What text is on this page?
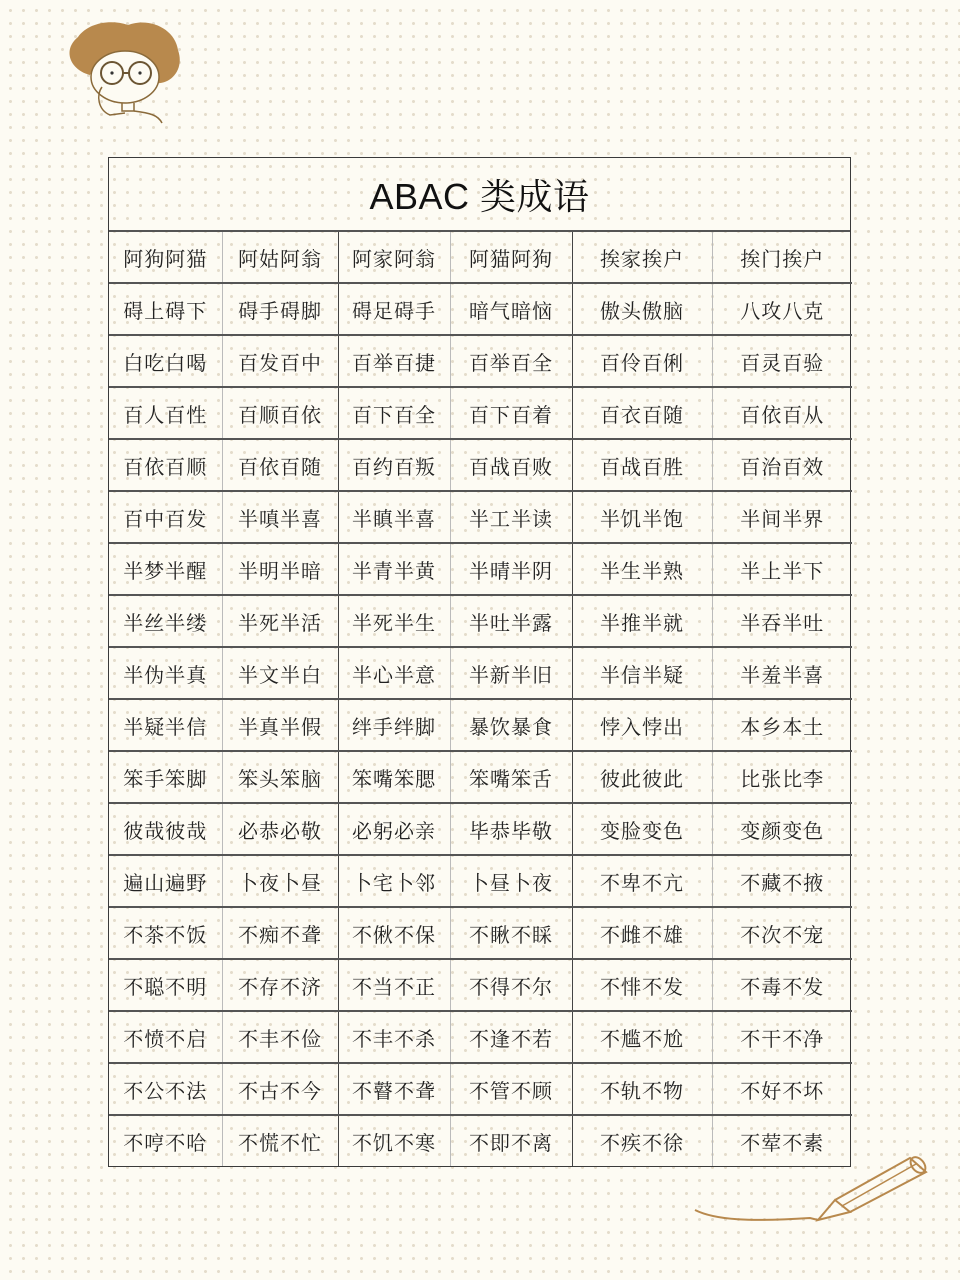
ABAC 类成语
阿狗阿猫	阿姑阿翁	阿家阿翁	阿猫阿狗	挨家挨户	挨门挨户
碍上碍下	碍手碍脚	碍足碍手	暗气暗恼	傲头傲脑	八攻八克
白吃白喝	百发百中	百举百捷	百举百全	百伶百俐	百灵百验
百人百性	百顺百依	百下百全	百下百着	百衣百随	百依百从
百依百顺	百依百随	百约百叛	百战百败	百战百胜	百治百效
百中百发	半嗔半喜	半瞋半喜	半工半读	半饥半饱	半间半界
半梦半醒	半明半暗	半青半黄	半晴半阴	半生半熟	半上半下
半丝半缕	半死半活	半死半生	半吐半露	半推半就	半吞半吐
半伪半真	半文半白	半心半意	半新半旧	半信半疑	半羞半喜
半疑半信	半真半假	绊手绊脚	暴饮暴食	悖入悖出	本乡本土
笨手笨脚	笨头笨脑	笨嘴笨腮	笨嘴笨舌	彼此彼此	比张比李
彼哉彼哉	必恭必敬	必躬必亲	毕恭毕敬	变脸变色	变颜变色
遍山遍野	卜夜卜昼	卜宅卜邻	卜昼卜夜	不卑不亢	不藏不掖
不茶不饭	不痴不聋	不偢不保	不瞅不睬	不雌不雄	不次不宠
不聪不明	不存不济	不当不正	不得不尔	不悱不发	不毒不发
不愤不启	不丰不俭	不丰不杀	不逢不若	不尴不尬	不干不净
不公不法	不古不今	不瞽不聋	不管不顾	不轨不物	不好不坏
不哼不哈	不慌不忙	不饥不寒	不即不离	不疾不徐	不荤不素
